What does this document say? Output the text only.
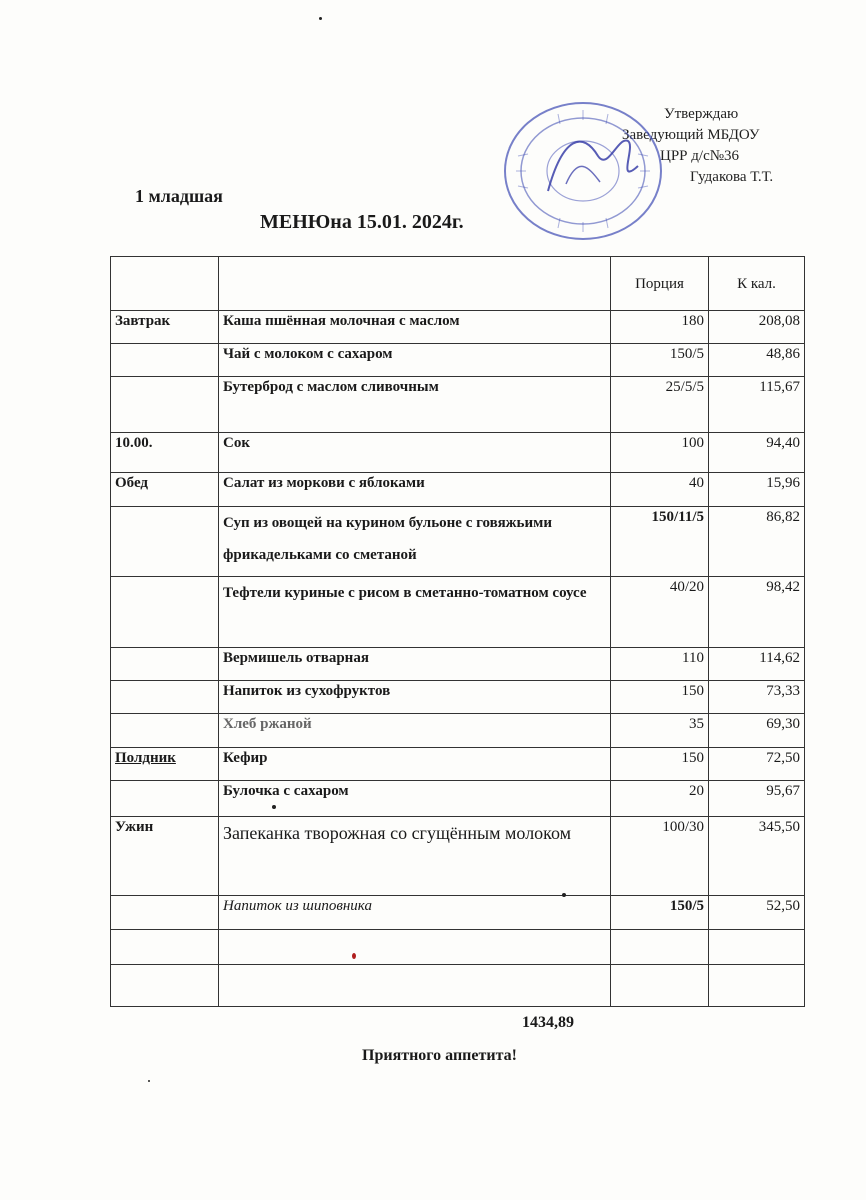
Утверждаю
Заведующий МБДОУ
ЦРР д/с№36
Гудакова Т.Т.
1 младшая
МЕНЮна 15.01. 2024г.
		Порция	К кал.
Завтрак	Каша пшённая молочная с маслом	180	208,08
	Чай с молоком с сахаром	150/5	48,86
	Бутерброд с маслом сливочным	25/5/5	115,67
10.00.	Сок	100	94,40
Обед	Салат из моркови с яблоками	40	15,96
	Суп из овощей на курином бульоне с говяжьими фрикадельками со сметаной	150/11/5	86,82
	Тефтели куриные с рисом в сметанно-томатном соусе	40/20	98,42
	Вермишель отварная	110	114,62
	Напиток из сухофруктов	150	73,33
	Хлеб ржаной	35	69,30
Полдник	Кефир	150	72,50
	Булочка с сахаром	20	95,67
Ужин	Запеканка творожная со сгущённым молоком	100/30	345,50
	Напиток из шиповника	150/5	52,50

1434,89
Приятного аппетита!
